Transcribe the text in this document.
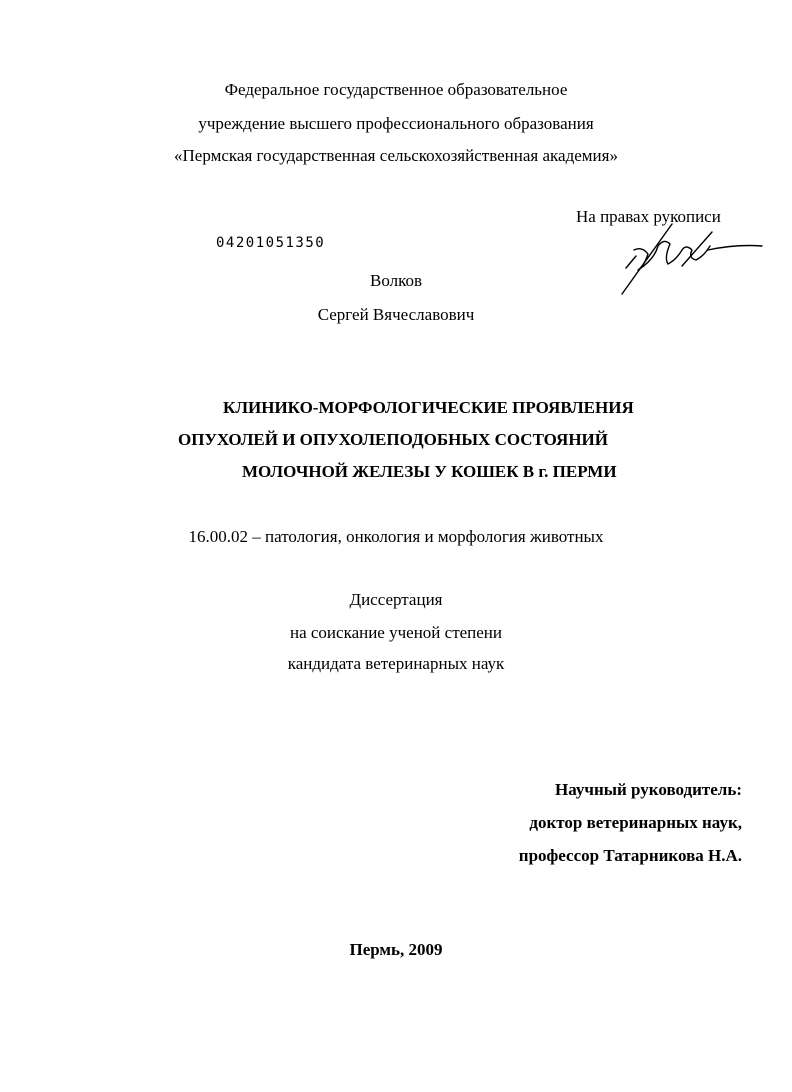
Федеральное государственное образовательное
учреждение высшего профессионального образования
«Пермская государственная сельскохозяйственная академия»
На правах рукописи
04201051350
Волков
Сергей Вячеславович
КЛИНИКО-МОРФОЛОГИЧЕСКИЕ ПРОЯВЛЕНИЯ
ОПУХОЛЕЙ И ОПУХОЛЕПОДОБНЫХ СОСТОЯНИЙ
МОЛОЧНОЙ ЖЕЛЕЗЫ У КОШЕК В г. ПЕРМИ
16.00.02 – патология, онкология и морфология животных
Диссертация
на соискание ученой степени
кандидата ветеринарных наук
Научный руководитель:
доктор ветеринарных наук,
профессор Татарникова Н.А.
Пермь, 2009
